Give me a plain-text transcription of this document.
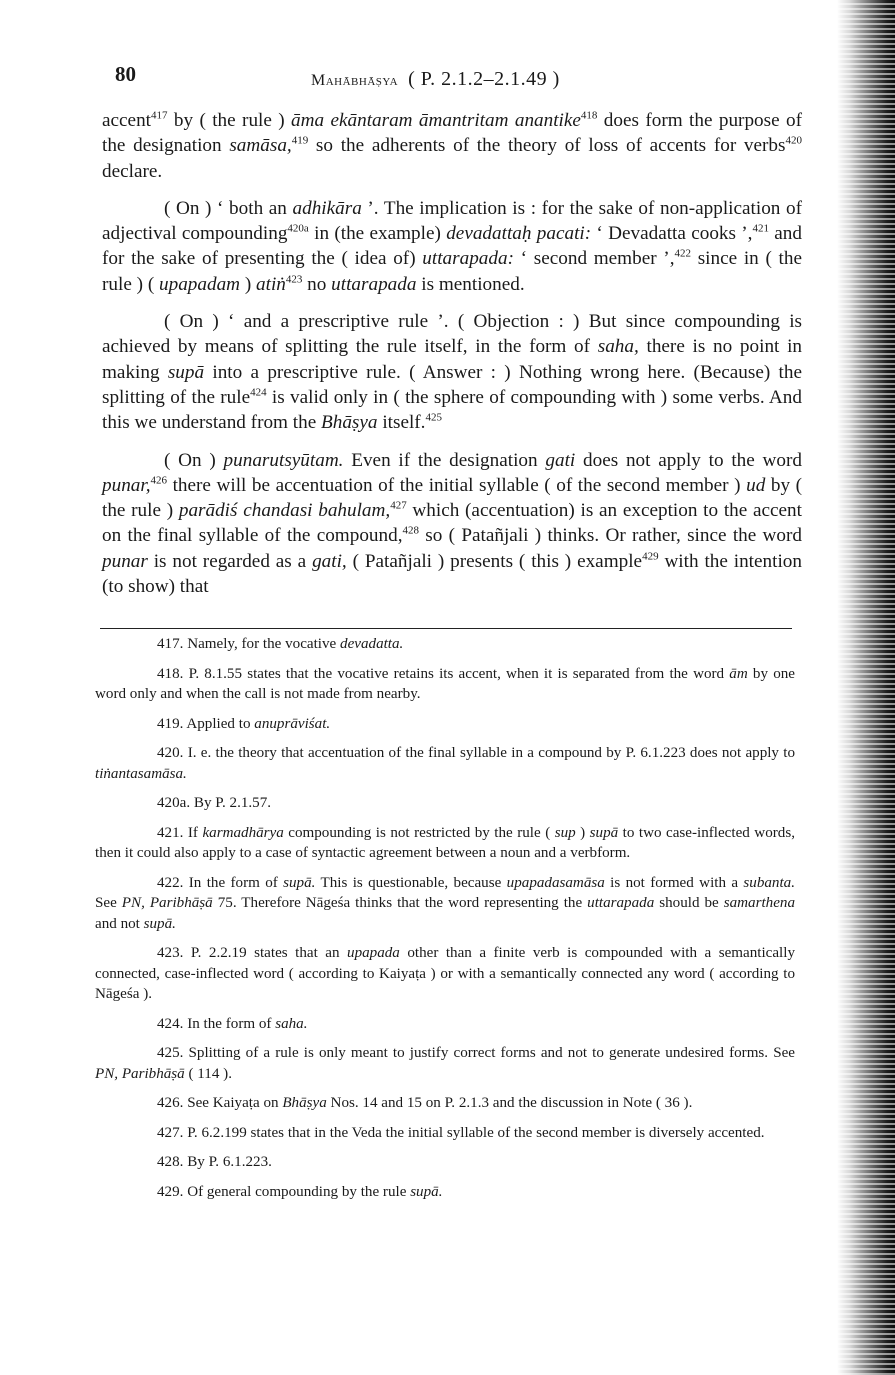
80	Mahābhāṣya ( P. 2.1.2–2.1.49 )

accent$^{417}$ by ( the rule ) āma ekāntaram āmantritam anantike$^{418}$ does form the purpose of the designation samāsa,$^{419}$ so the adherents of the theory of loss of accents for verbs$^{420}$ declare.

( On ) ‘ both an adhikāra ’. The implication is : for the sake of non-application of adjectival compounding$^{420a}$ in (the example) devadattaḥ pacati: ‘ Devadatta cooks ’,$^{421}$ and for the sake of presenting the ( idea of) uttarapada: ‘ second member ’,$^{422}$ since in ( the rule ) ( upapadam ) atiṅ$^{423}$ no uttarapada is mentioned.

( On ) ‘ and a prescriptive rule ’. ( Objection : ) But since compounding is achieved by means of splitting the rule itself, in the form of saha, there is no point in making supā into a prescriptive rule. ( Answer : ) Nothing wrong here. (Because) the splitting of the rule$^{424}$ is valid only in ( the sphere of compounding with ) some verbs. And this we understand from the Bhāṣya itself.$^{425}$

( On ) punarutsyūtam. Even if the designation gati does not apply to the word punar,$^{426}$ there will be accentuation of the initial syllable ( of the second member ) ud by ( the rule ) parādiś chandasi bahulam,$^{427}$ which (accentuation) is an exception to the accent on the final syllable of the compound,$^{428}$ so ( Patañjali ) thinks. Or rather, since the word punar is not regarded as a gati, ( Patañjali ) presents ( this ) example$^{429}$ with the intention (to show) that

417. Namely, for the vocative devadatta.

418. P. 8.1.55 states that the vocative retains its accent, when it is separated from the word ām by one word only and when the call is not made from nearby.

419. Applied to anuprāviśat.

420. I. e. the theory that accentuation of the final syllable in a compound by P. 6.1.223 does not apply to tiṅantasamāsa.

420a. By P. 2.1.57.

421. If karmadhārya compounding is not restricted by the rule ( sup ) supā to two case-inflected words, then it could also apply to a case of syntactic agreement between a noun and a verbform.

422. In the form of supā. This is questionable, because upapadasamāsa is not formed with a subanta. See PN, Paribhāṣā 75. Therefore Nāgeśa thinks that the word representing the uttarapada should be samarthena and not supā.

423. P. 2.2.19 states that an upapada other than a finite verb is compounded with a semantically connected, case-inflected word ( according to Kaiyaṭa ) or with a semantically connected any word ( according to Nāgeśa ).

424. In the form of saha.

425. Splitting of a rule is only meant to justify correct forms and not to generate undesired forms. See PN, Paribhāṣā ( 114 ).

426. See Kaiyaṭa on Bhāṣya Nos. 14 and 15 on P. 2.1.3 and the discussion in Note ( 36 ).

427. P. 6.2.199 states that in the Veda the initial syllable of the second member is diversely accented.

428. By P. 6.1.223.

429. Of general compounding by the rule supā.
